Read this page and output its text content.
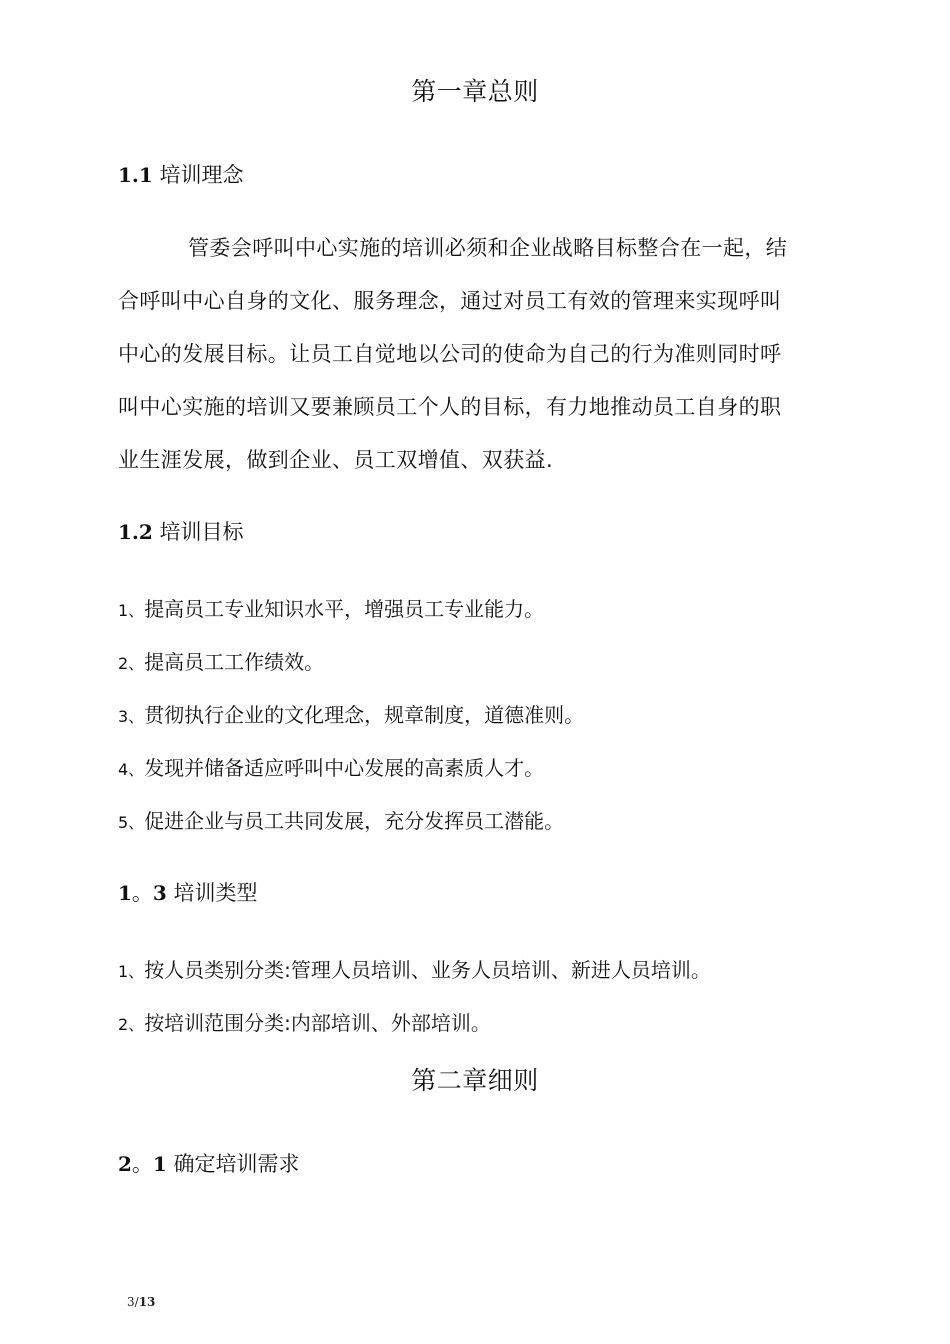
第一章总则
1.1 培训理念

管委会呼叫中心实施的培训必须和企业战略目标整合在一起，结

合呼叫中心自身的文化、服务理念，通过对员工有效的管理来实现呼叫

中心的发展目标。让员工自觉地以公司的使命为自己的行为准则同时呼

叫中心实施的培训又要兼顾员工个人的目标，有力地推动员工自身的职

业生涯发展，做到企业、员工双增值、双获益.

1.2 培训目标

1、提高员工专业知识水平，增强员工专业能力。

2、提高员工工作绩效。

3、贯彻执行企业的文化理念，规章制度，道德准则。

4、发现并储备适应呼叫中心发展的高素质人才。

5、促进企业与员工共同发展，充分发挥员工潜能。

1。3 培训类型

1、按人员类别分类:管理人员培训、业务人员培训、新进人员培训。

2、按培训范围分类:内部培训、外部培训。

第二章细则
2。1 确定培训需求
3/13
